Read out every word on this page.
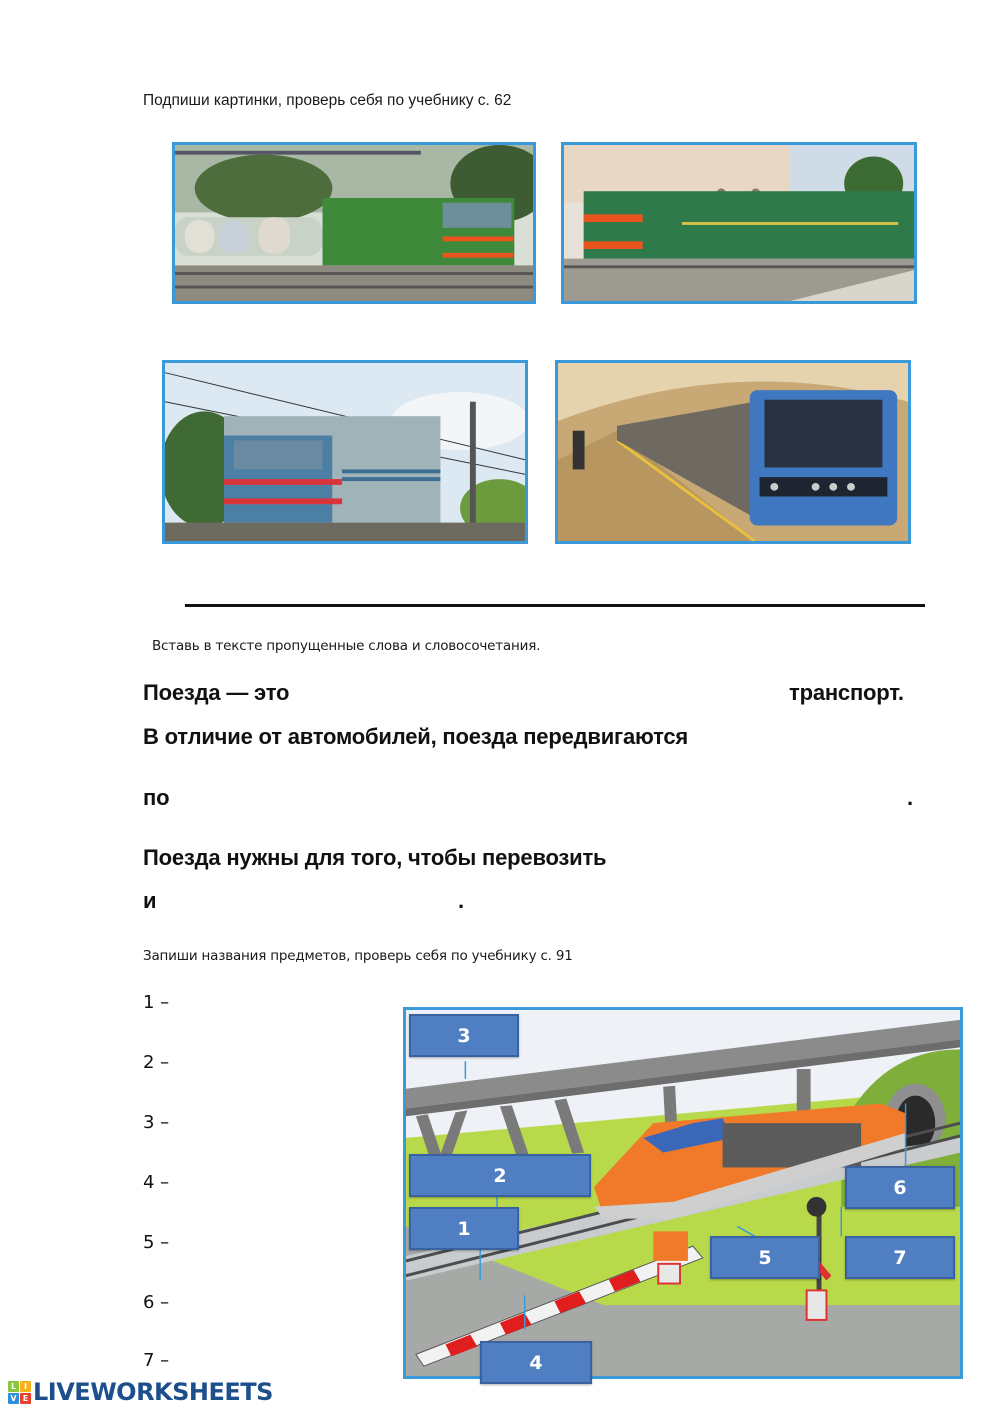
Подпиши картинки, проверь себя по учебнику с. 62
Вставь в тексте пропущенные слова и словосочетания.
Поезда — это	транспорт.
В отличие от автомобилей, поезда передвигаются
по	.
Поезда нужны для того, чтобы перевозить
и	.
Запиши названия предметов, проверь себя по учебнику с. 91
1 –
2 –
3 –
4 –
5 –
6 –
7 –
3
2
1
4
5
6
7
L I
V E LIVEWORKSHEETS
